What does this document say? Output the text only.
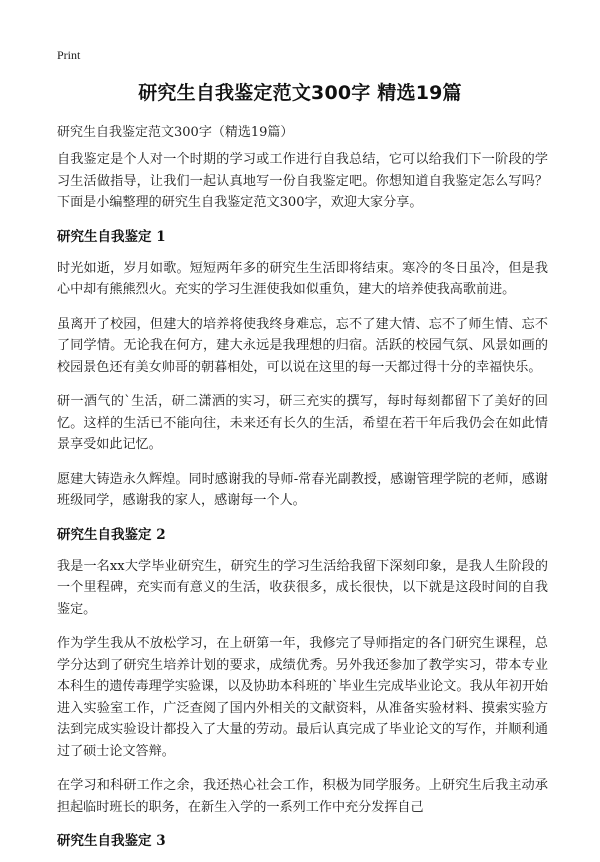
Print
研究生自我鉴定范文300字 精选19篇
研究生自我鉴定范文300字（精选19篇）

自我鉴定是个人对一个时期的学习或工作进行自我总结，它可以给我们下一阶段的学习生活做指导，让我们一起认真地写一份自我鉴定吧。你想知道自我鉴定怎么写吗？下面是小编整理的研究生自我鉴定范文300字，欢迎大家分享。

研究生自我鉴定 1

时光如逝，岁月如歌。短短两年多的研究生生活即将结束。寒冷的冬日虽冷，但是我心中却有熊熊烈火。充实的学习生涯使我如似重负，建大的培养使我高歌前进。

虽离开了校园，但建大的培养将使我终身难忘，忘不了建大情、忘不了师生情、忘不了同学情。无论我在何方，建大永远是我理想的归宿。活跃的校园气氛、风景如画的校园景色还有美女帅哥的朝暮相处，可以说在这里的每一天都过得十分的幸福快乐。

研一酒气的`生活，研二潇洒的实习，研三充实的撰写，每时每刻都留下了美好的回忆。这样的生活已不能向往，未来还有长久的生活，希望在若干年后我仍会在如此情景享受如此记忆。

愿建大铸造永久辉煌。同时感谢我的导师-常春光副教授，感谢管理学院的老师，感谢班级同学，感谢我的家人，感谢每一个人。

研究生自我鉴定 2

我是一名xx大学毕业研究生，研究生的学习生活给我留下深刻印象，是我人生阶段的一个里程碑，充实而有意义的生活，收获很多，成长很快，以下就是这段时间的自我鉴定。

作为学生我从不放松学习，在上研第一年，我修完了导师指定的各门研究生课程，总学分达到了研究生培养计划的要求，成绩优秀。另外我还参加了教学实习，带本专业本科生的遗传毒理学实验课，以及协助本科班的`毕业生完成毕业论文。我从年初开始进入实验室工作，广泛查阅了国内外相关的文献资料，从准备实验材料、摸索实验方法到完成实验设计都投入了大量的劳动。最后认真完成了毕业论文的写作，并顺利通过了硕士论文答辩。

在学习和科研工作之余，我还热心社会工作，积极为同学服务。上研究生后我主动承担起临时班长的职务，在新生入学的一系列工作中充分发挥自己

研究生自我鉴定 3
